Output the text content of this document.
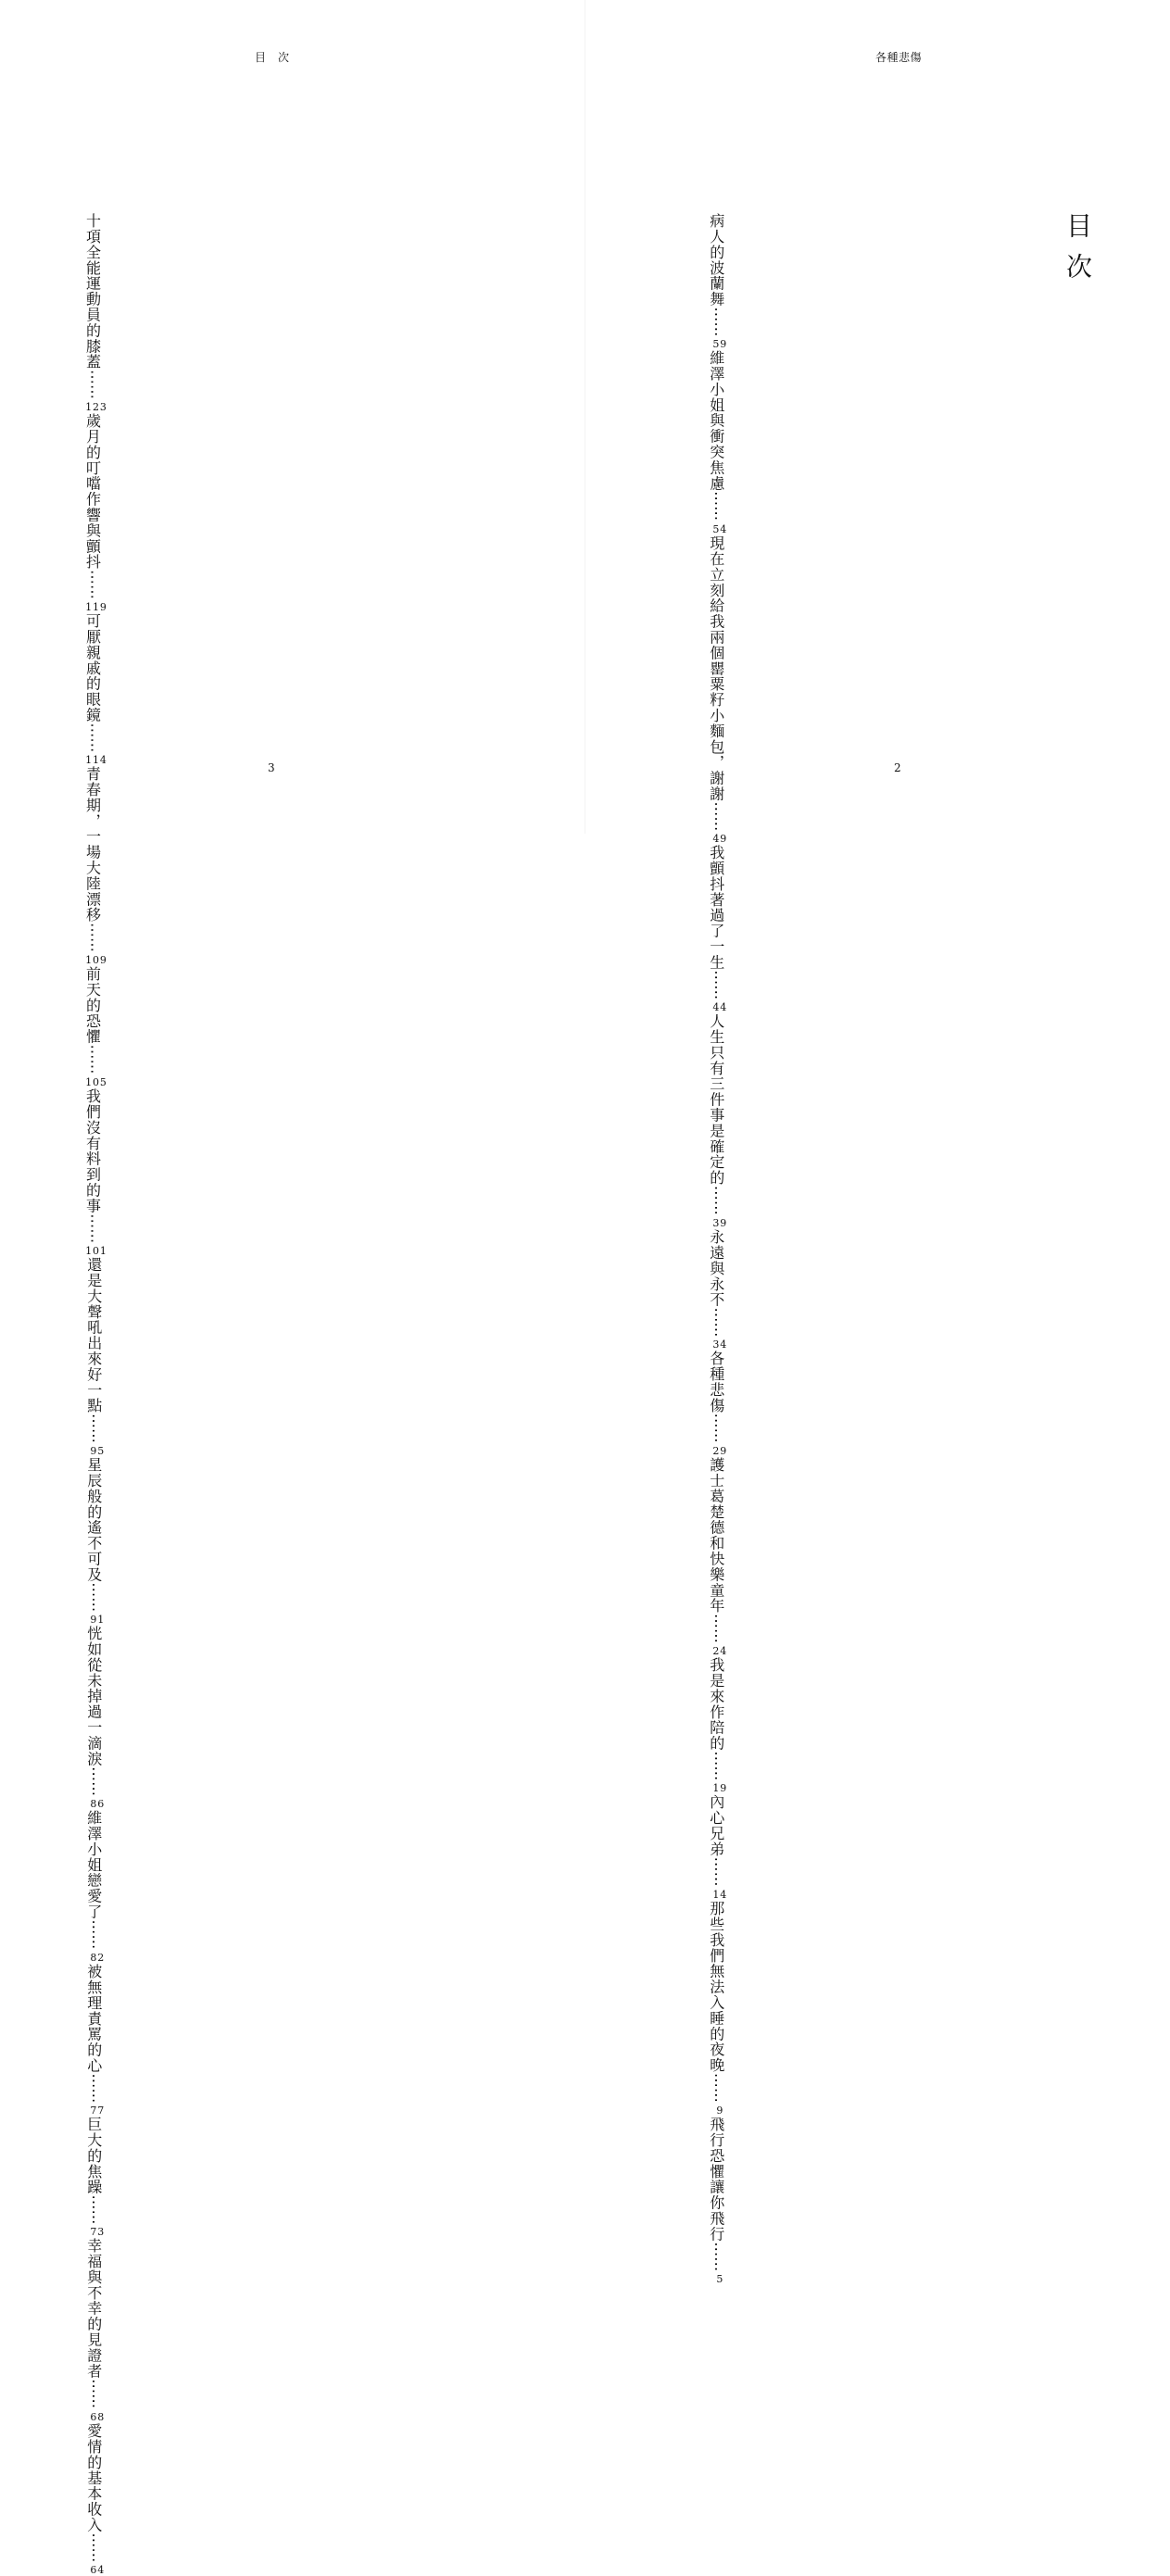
目　次
十項全能運動員的膝蓋⋯⋯123
歲月的叮噹作響與顫抖⋯⋯119
可厭親戚的眼鏡⋯⋯114
青春期，一場大陸漂移⋯⋯109
前天的恐懼⋯⋯105
我們沒有料到的事⋯⋯101
還是大聲吼出來好一點⋯⋯95
星辰般的遙不可及⋯⋯91
恍如從未掉過一滴淚⋯⋯86
維澤小姐戀愛了⋯⋯82
被無理責罵的心⋯⋯77
巨大的焦躁⋯⋯73
幸福與不幸的見證者⋯⋯68
愛情的基本收入⋯⋯64
3
各種悲傷
目次
病人的波蘭舞⋯⋯59
維澤小姐與衝突焦慮⋯⋯54
現在立刻給我兩個罌粟籽小麵包，謝謝⋯⋯49
我顫抖著過了一生⋯⋯44
人生只有三件事是確定的⋯⋯39
永遠與永不⋯⋯34
各種悲傷⋯⋯29
護士葛楚德和快樂童年⋯⋯24
我是來作陪的⋯⋯19
內心兄弟⋯⋯14
那些我們無法入睡的夜晚⋯⋯9
飛行恐懼讓你飛行⋯⋯5
2
